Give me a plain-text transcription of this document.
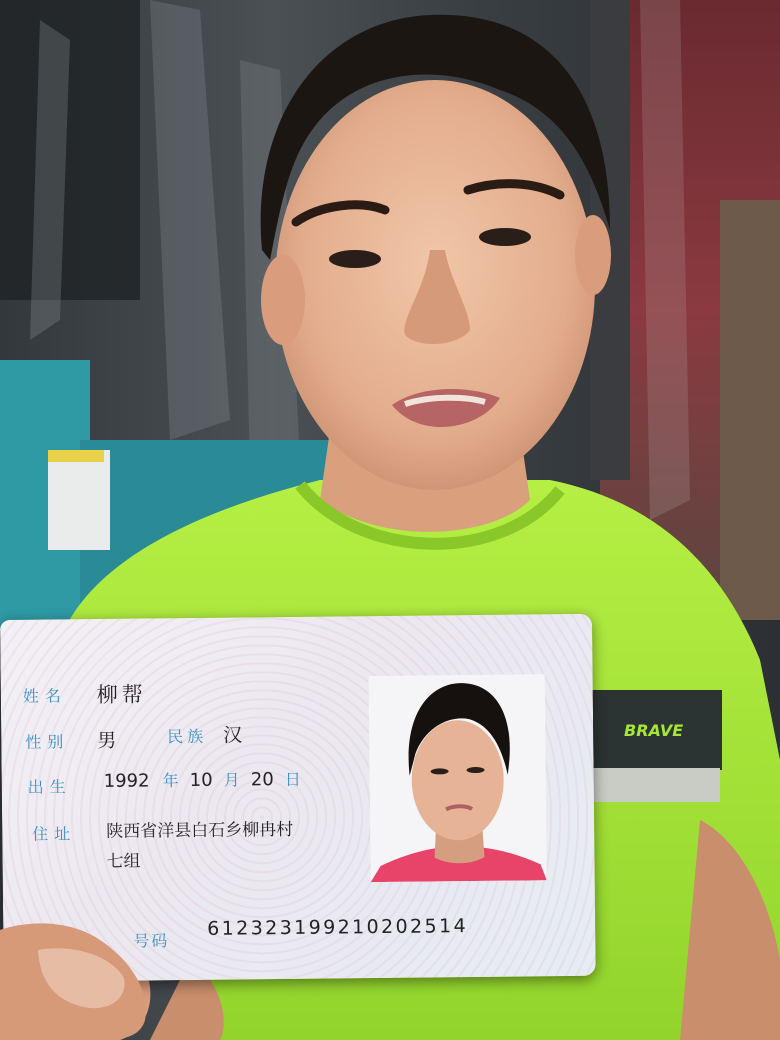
BRAVE
姓名 柳帮
性别 男	民族 汉
出生 1992 年 10 月 20 日
住址 陕西省洋县白石乡柳冉村
七组
号码
612323199210202514
